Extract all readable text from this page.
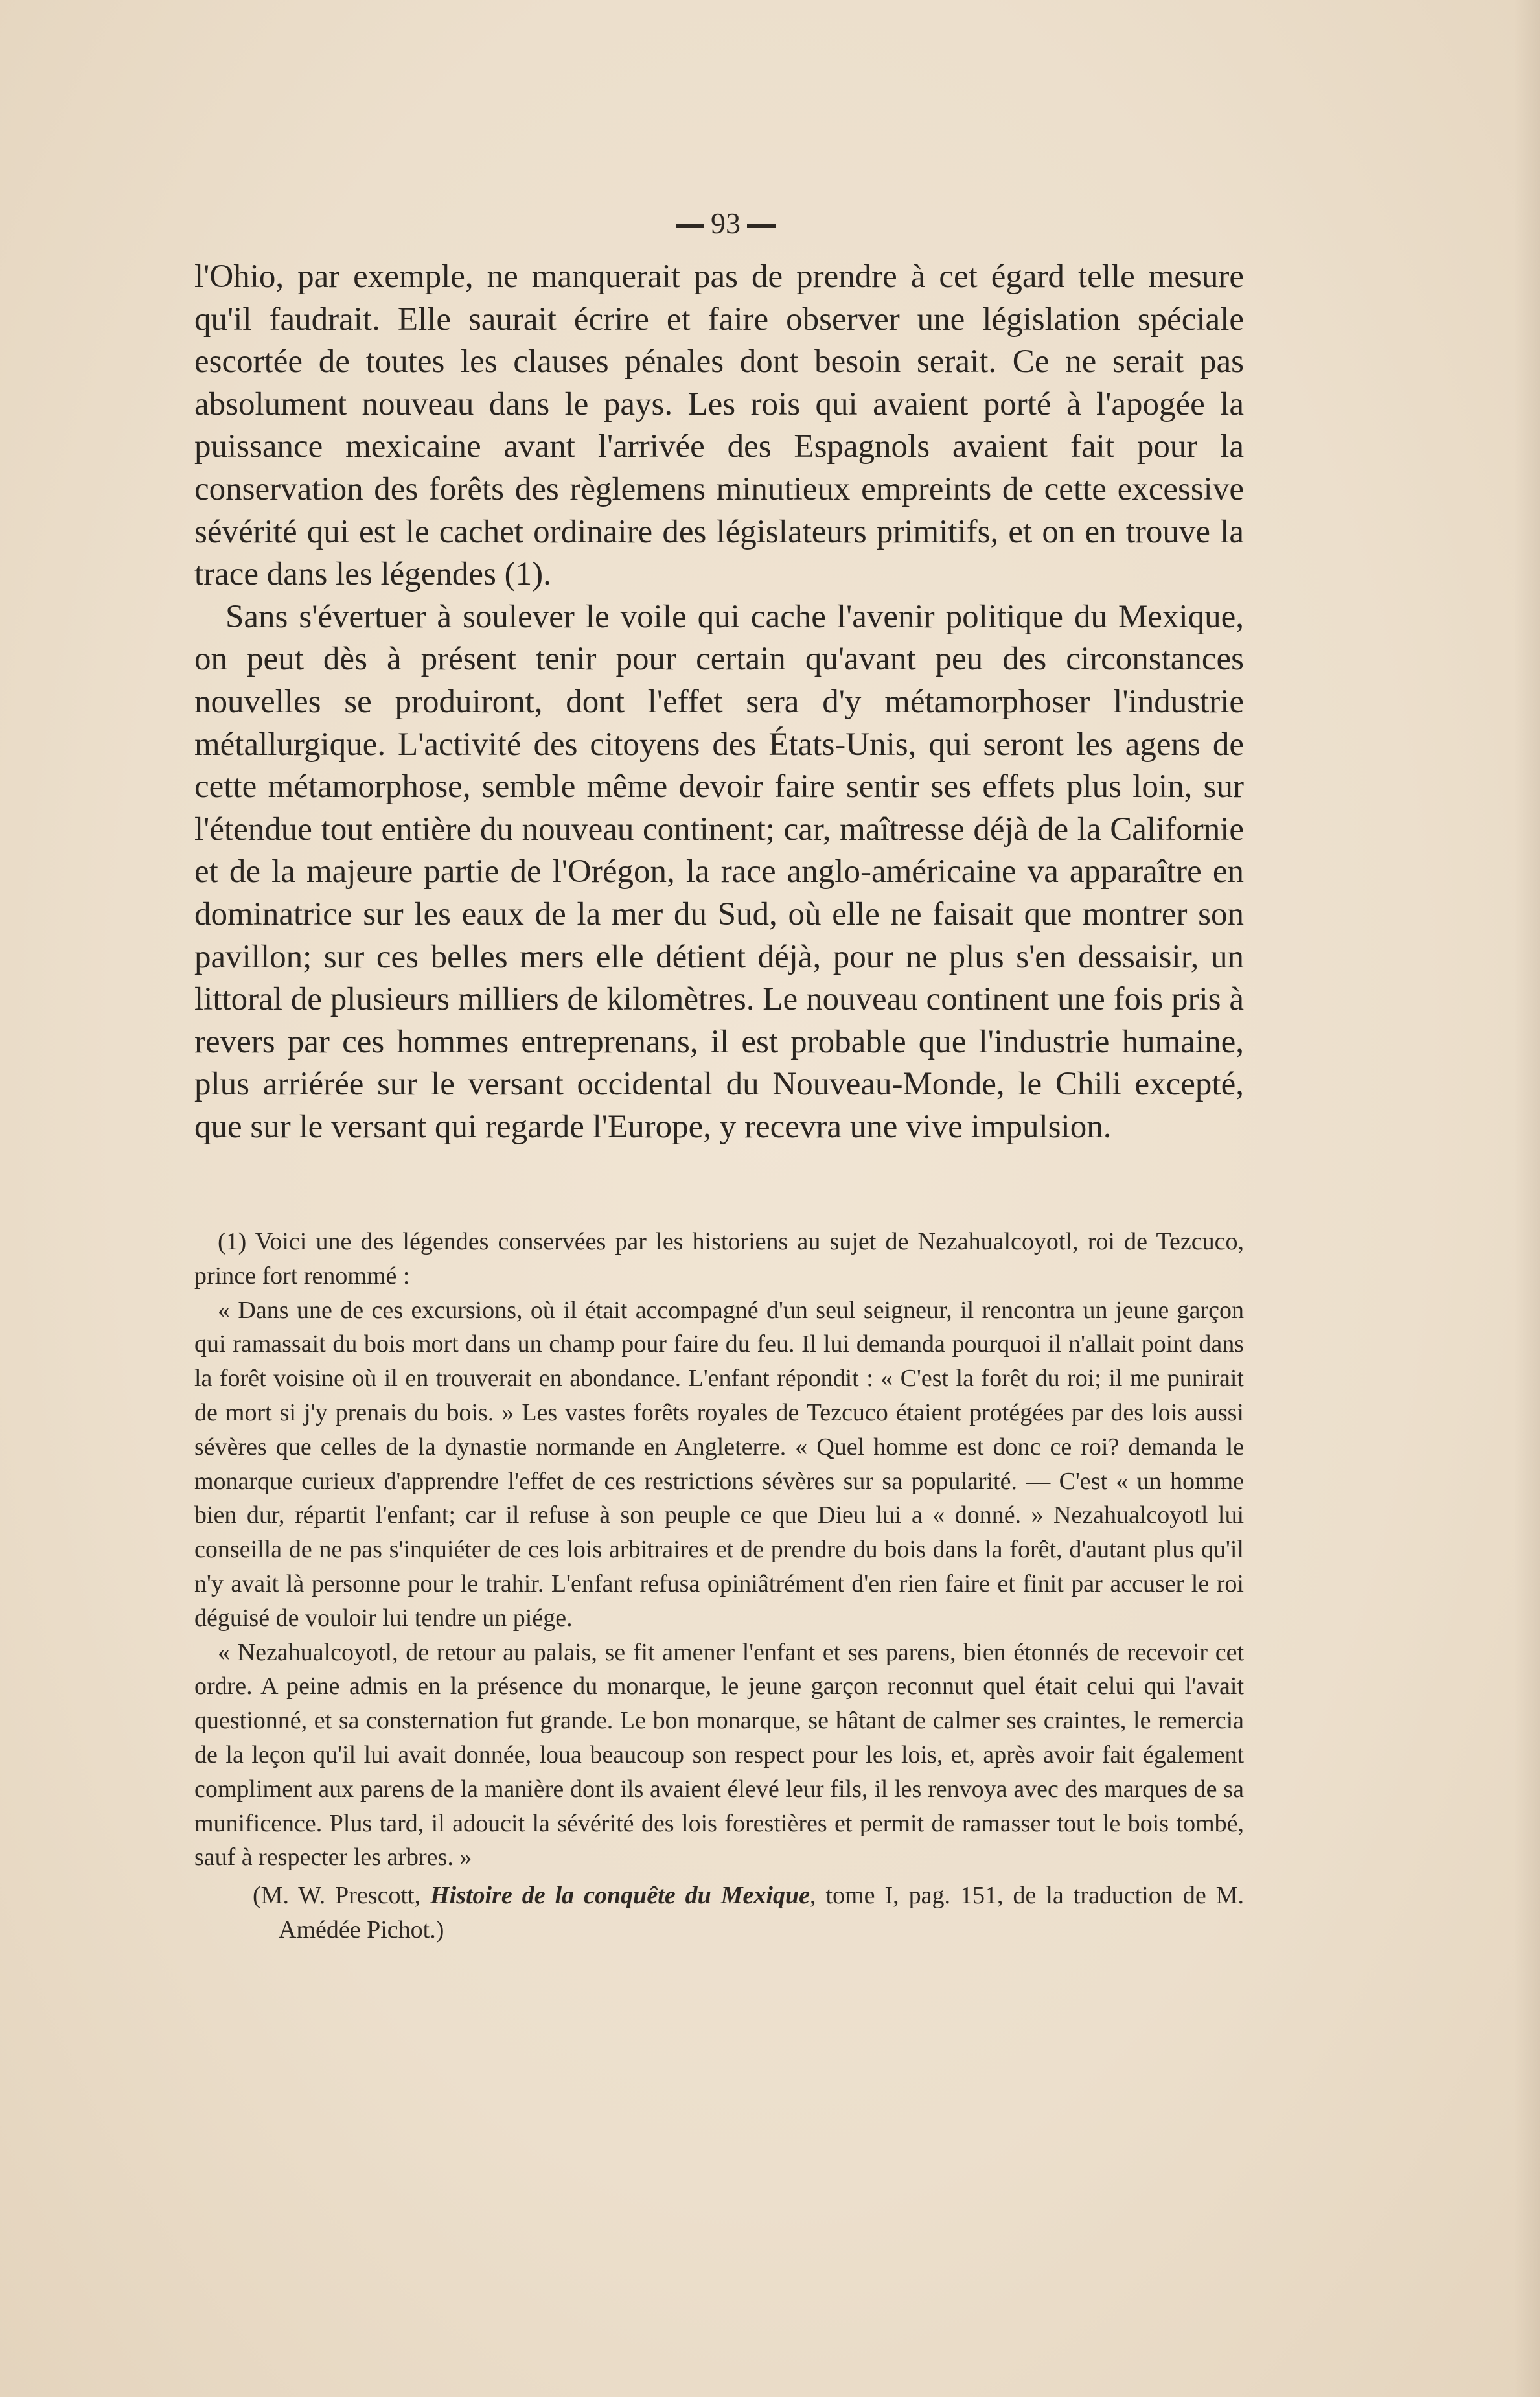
93

l'Ohio, par exemple, ne manquerait pas de prendre à cet égard telle mesure qu'il faudrait. Elle saurait écrire et faire observer une législation spéciale escortée de toutes les clauses pénales dont besoin serait. Ce ne serait pas absolument nouveau dans le pays. Les rois qui avaient porté à l'apogée la puissance mexicaine avant l'arrivée des Espagnols avaient fait pour la conservation des forêts des règlemens minutieux empreints de cette excessive sévérité qui est le cachet ordinaire des législateurs primitifs, et on en trouve la trace dans les légendes (1).

Sans s'évertuer à soulever le voile qui cache l'avenir politique du Mexique, on peut dès à présent tenir pour certain qu'avant peu des circonstances nouvelles se produiront, dont l'effet sera d'y métamorphoser l'industrie métallurgique. L'activité des citoyens des États-Unis, qui seront les agens de cette métamorphose, semble même devoir faire sentir ses effets plus loin, sur l'étendue tout entière du nouveau continent; car, maîtresse déjà de la Californie et de la majeure partie de l'Orégon, la race anglo-américaine va apparaître en dominatrice sur les eaux de la mer du Sud, où elle ne faisait que montrer son pavillon; sur ces belles mers elle détient déjà, pour ne plus s'en dessaisir, un littoral de plusieurs milliers de kilomètres. Le nouveau continent une fois pris à revers par ces hommes entreprenans, il est probable que l'industrie humaine, plus arriérée sur le versant occidental du Nouveau-Monde, le Chili excepté, que sur le versant qui regarde l'Europe, y recevra une vive impulsion.

(1) Voici une des légendes conservées par les historiens au sujet de Nezahualcoyotl, roi de Tezcuco, prince fort renommé :

« Dans une de ces excursions, où il était accompagné d'un seul seigneur, il rencontra un jeune garçon qui ramassait du bois mort dans un champ pour faire du feu. Il lui demanda pourquoi il n'allait point dans la forêt voisine où il en trouverait en abondance. L'enfant répondit : « C'est la forêt du roi; il me punirait de mort si j'y prenais du bois. » Les vastes forêts royales de Tezcuco étaient protégées par des lois aussi sévères que celles de la dynastie normande en Angleterre. « Quel homme est donc ce roi? demanda le monarque curieux d'apprendre l'effet de ces restrictions sévères sur sa popularité. — C'est « un homme bien dur, répartit l'enfant; car il refuse à son peuple ce que Dieu lui a « donné. » Nezahualcoyotl lui conseilla de ne pas s'inquiéter de ces lois arbitraires et de prendre du bois dans la forêt, d'autant plus qu'il n'y avait là personne pour le trahir. L'enfant refusa opiniâtrément d'en rien faire et finit par accuser le roi déguisé de vouloir lui tendre un piége.

« Nezahualcoyotl, de retour au palais, se fit amener l'enfant et ses parens, bien étonnés de recevoir cet ordre. A peine admis en la présence du monarque, le jeune garçon reconnut quel était celui qui l'avait questionné, et sa consternation fut grande. Le bon monarque, se hâtant de calmer ses craintes, le remercia de la leçon qu'il lui avait donnée, loua beaucoup son respect pour les lois, et, après avoir fait également compliment aux parens de la manière dont ils avaient élevé leur fils, il les renvoya avec des marques de sa munificence. Plus tard, il adoucit la sévérité des lois forestières et permit de ramasser tout le bois tombé, sauf à respecter les arbres. »

(M. W. Prescott, Histoire de la conquête du Mexique, tome I, pag. 151, de la traduction de M. Amédée Pichot.)
